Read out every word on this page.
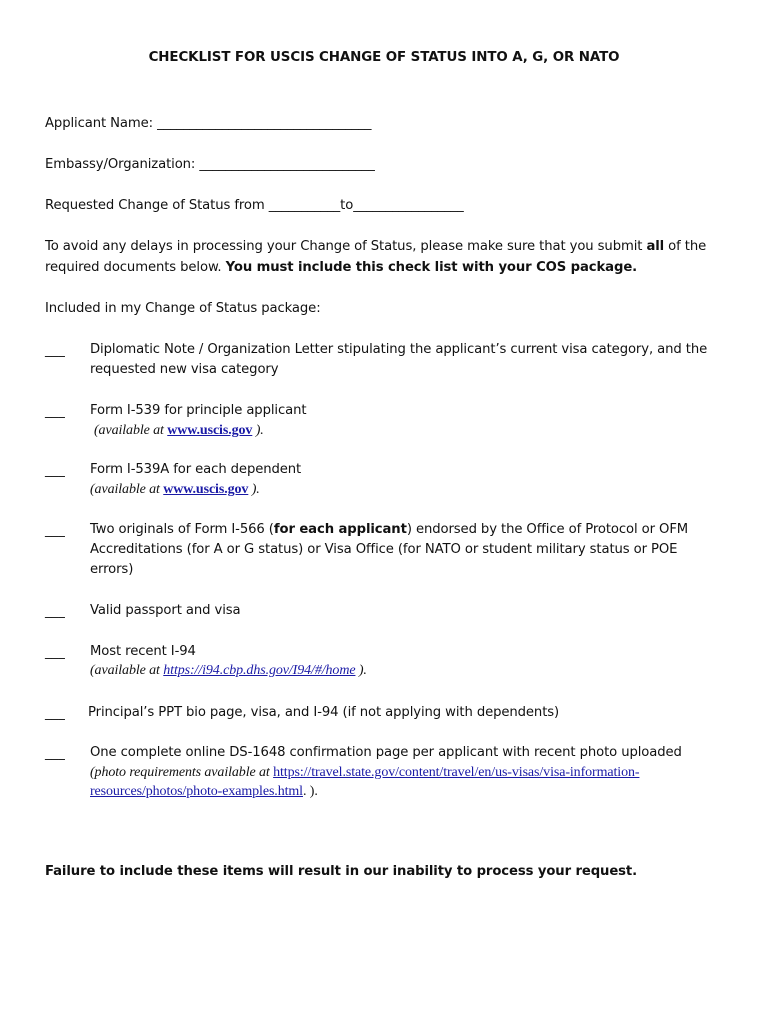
CHECKLIST FOR USCIS CHANGE OF STATUS INTO A, G, OR NATO
Applicant Name: _________________________________
Embassy/Organization: ___________________________
Requested Change of Status from ___________to_________________
To avoid any delays in processing your Change of Status, please make sure that you submit all of the
required documents below. You must include this check list with your COS package.
Included in my Change of Status package:
___ Diplomatic Note / Organization Letter stipulating the applicant’s current visa category, and the
requested new visa category
___ Form I-539 for principle applicant
(available at www.uscis.gov ).
___ Form I-539A for each dependent
(available at www.uscis.gov ).
___ Two originals of Form I-566 (for each applicant) endorsed by the Office of Protocol or OFM
Accreditations (for A or G status) or Visa Office (for NATO or student military status or POE
errors)
___ Valid passport and visa
___ Most recent I-94
(available at https://i94.cbp.dhs.gov/I94/#/home ).
___ Principal’s PPT bio page, visa, and I-94 (if not applying with dependents)
___ One complete online DS-1648 confirmation page per applicant with recent photo uploaded
(photo requirements available at https://travel.state.gov/content/travel/en/us-visas/visa-information-
resources/photos/photo-examples.html. ).
Failure to include these items will result in our inability to process your request.
